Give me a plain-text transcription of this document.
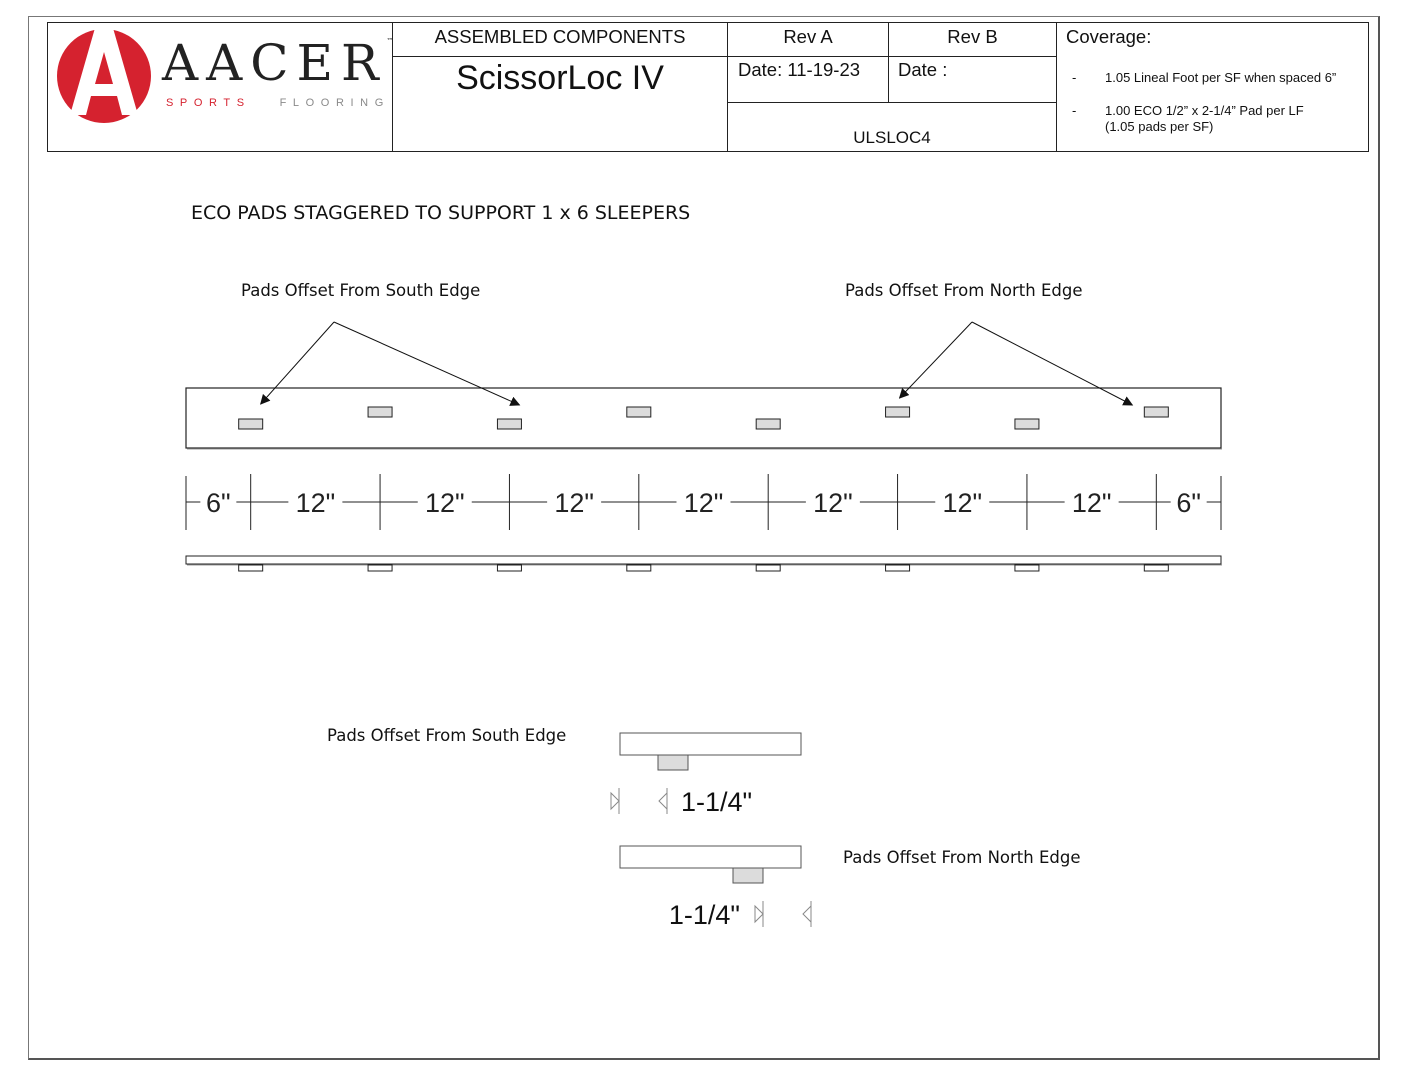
ASSEMBLED COMPONENTS
ScissorLoc IV
Rev A	Rev B
Date: 11-19-23 Date :
ULSLOC4
Coverage:
- 1.05 Lineal Foot per SF when spaced 6”
- 1.00 ECO 1/2” x 2-1/4” Pad per LF
(1.05 pads per SF)
AACER™
SPORTS	FLOORING
ECO PADS STAGGERED TO SUPPORT 1 x 6 SLEEPERS
Pads Offset From South Edge	Pads Offset From North Edge
Pads Offset From South Edge
Pads Offset From North Edge
6" 12"	12"	12"	12"	12"	12"	12" 6"
1-1/4"
1-1/4"
